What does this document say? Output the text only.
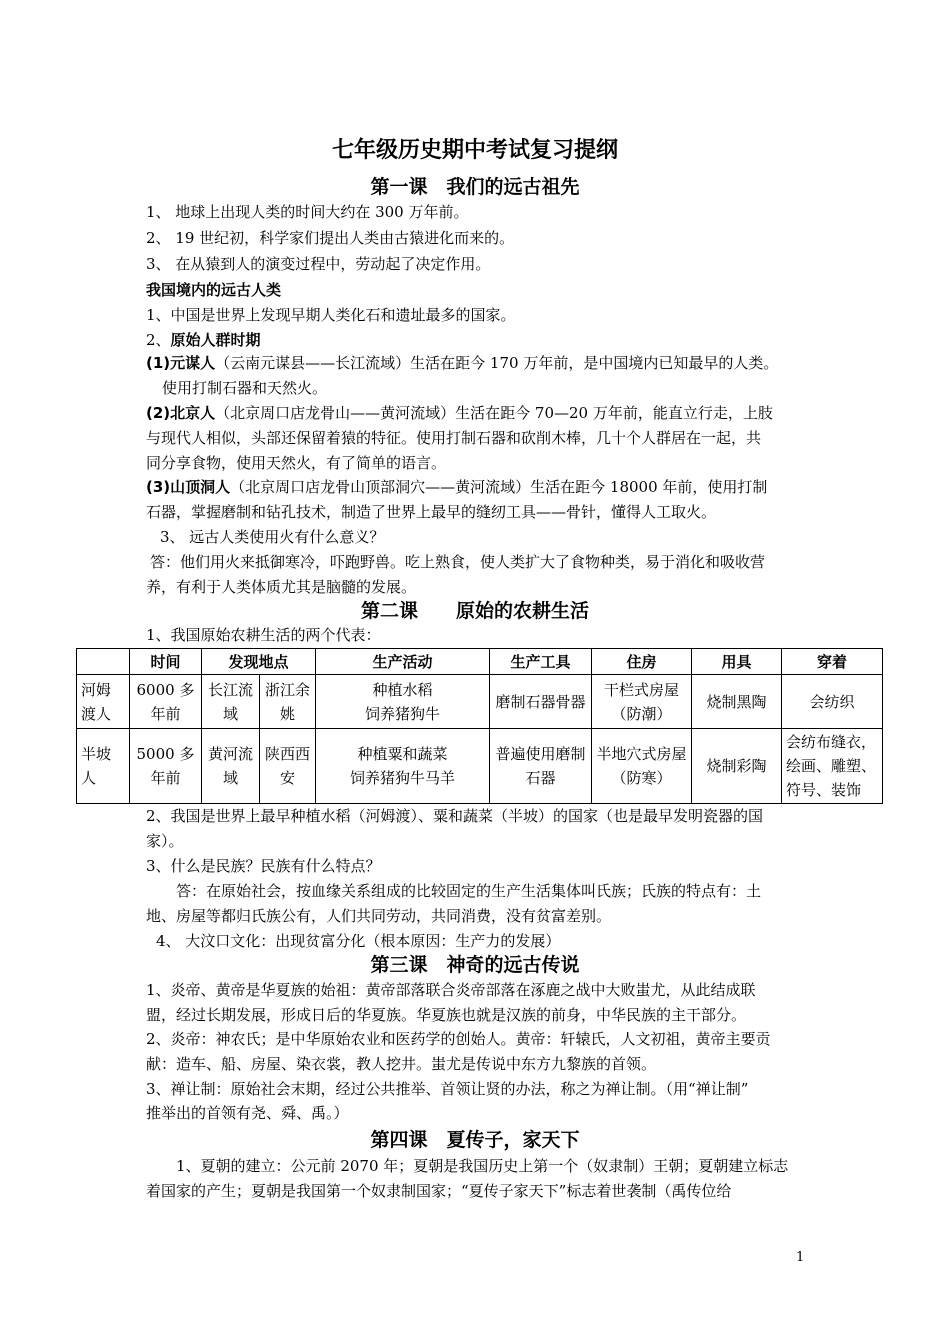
七年级历史期中考试复习提纲
第一课　我们的远古祖先
1、 地球上出现人类的时间大约在 300 万年前。
2、 19 世纪初，科学家们提出人类由古猿进化而来的。
3、 在从猿到人的演变过程中，劳动起了决定作用。
我国境内的远古人类
1、中国是世界上发现早期人类化石和遗址最多的国家。
2、原始人群时期
(1)元谋人（云南元谋县——长江流域）生活在距今 170 万年前，是中国境内已知最早的人类。
使用打制石器和天然火。
(2)北京人（北京周口店龙骨山——黄河流域）生活在距今 70—20 万年前，能直立行走，上肢
与现代人相似，头部还保留着猿的特征。使用打制石器和砍削木棒，几十个人群居在一起，共
同分享食物，使用天然火，有了简单的语言。
(3)山顶洞人（北京周口店龙骨山顶部洞穴——黄河流域）生活在距今 18000 年前，使用打制
石器，掌握磨制和钻孔技术，制造了世界上最早的缝纫工具——骨针，懂得人工取火。
3、 远古人类使用火有什么意义？
答：他们用火来抵御寒冷，吓跑野兽。吃上熟食，使人类扩大了食物种类，易于消化和吸收营
养，有利于人类体质尤其是脑髓的发展。
第二课　　原始的农耕生活
1、我国原始农耕生活的两个代表：
	时间	发现地点		生产活动	生产工具	住房	用具	穿着
河姆渡人	6000 多年前	长江流域	浙江余姚	种植水稻
饲养猪狗牛	磨制石器骨器	干栏式房屋（防潮）	烧制黑陶	会纺织
半坡人	5000 多年前	黄河流域	陕西西安	种植粟和蔬菜
饲养猪狗牛马羊	普遍使用磨制石器	半地穴式房屋（防寒）	烧制彩陶	会纺布缝衣，绘画、雕塑、符号、装饰
2、我国是世界上最早种植水稻（河姆渡）、粟和蔬菜（半坡）的国家（也是最早发明瓷器的国
家）。
3、什么是民族？民族有什么特点？
答：在原始社会，按血缘关系组成的比较固定的生产生活集体叫氏族；氏族的特点有：土
地、房屋等都归氏族公有，人们共同劳动，共同消费，没有贫富差别。
4、 大汶口文化：出现贫富分化（根本原因：生产力的发展）
第三课　神奇的远古传说
1、炎帝、黄帝是华夏族的始祖：黄帝部落联合炎帝部落在涿鹿之战中大败蚩尤，从此结成联
盟，经过长期发展，形成日后的华夏族。华夏族也就是汉族的前身，中华民族的主干部分。
2、炎帝：神农氏；是中华原始农业和医药学的创始人。黄帝：轩辕氏，人文初祖，黄帝主要贡
献：造车、船、房屋、染衣裳，教人挖井。蚩尤是传说中东方九黎族的首领。
3、禅让制：原始社会末期，经过公共推举、首领让贤的办法，称之为禅让制。（用“禅让制”
推举出的首领有尧、舜、禹。）
第四课　夏传子，家天下
1、夏朝的建立：公元前 2070 年；夏朝是我国历史上第一个（奴隶制）王朝；夏朝建立标志
着国家的产生；夏朝是我国第一个奴隶制国家；“夏传子家天下”标志着世袭制（禹传位给
1
